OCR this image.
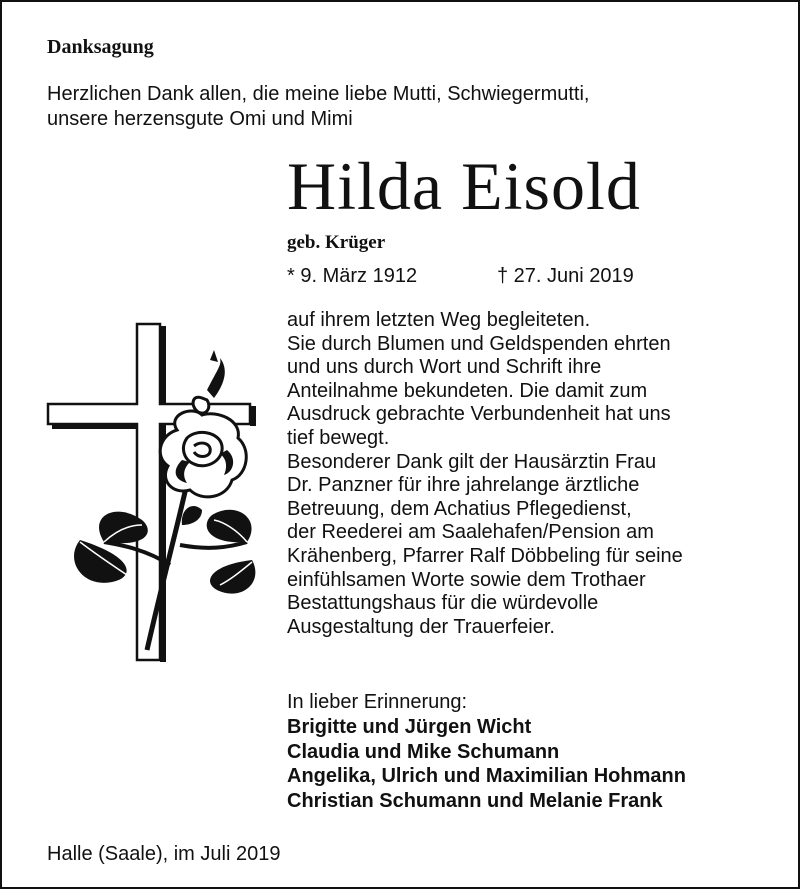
Danksagung
Herzlichen Dank allen, die meine liebe Mutti, Schwiegermutti,
unsere herzensgute Omi und Mimi
Hilda Eisold
geb. Krüger
* 9. März 1912	† 27. Juni 2019
auf ihrem letzten Weg begleiteten.
Sie durch Blumen und Geldspenden ehrten
und uns durch Wort und Schrift ihre
Anteilnahme bekundeten. Die damit zum
Ausdruck gebrachte Verbundenheit hat uns
tief bewegt.
Besonderer Dank gilt der Hausärztin Frau
Dr. Panzner für ihre jahrelange ärztliche
Betreuung, dem Achatius Pflegedienst,
der Reederei am Saalehafen/Pension am
Krähenberg, Pfarrer Ralf Döbbeling für seine
einfühlsamen Worte sowie dem Trothaer
Bestattungshaus für die würdevolle
Ausgestaltung der Trauerfeier.
In lieber Erinnerung:
Brigitte und Jürgen Wicht
Claudia und Mike Schumann
Angelika, Ulrich und Maximilian Hohmann
Christian Schumann und Melanie Frank
Halle (Saale), im Juli 2019
